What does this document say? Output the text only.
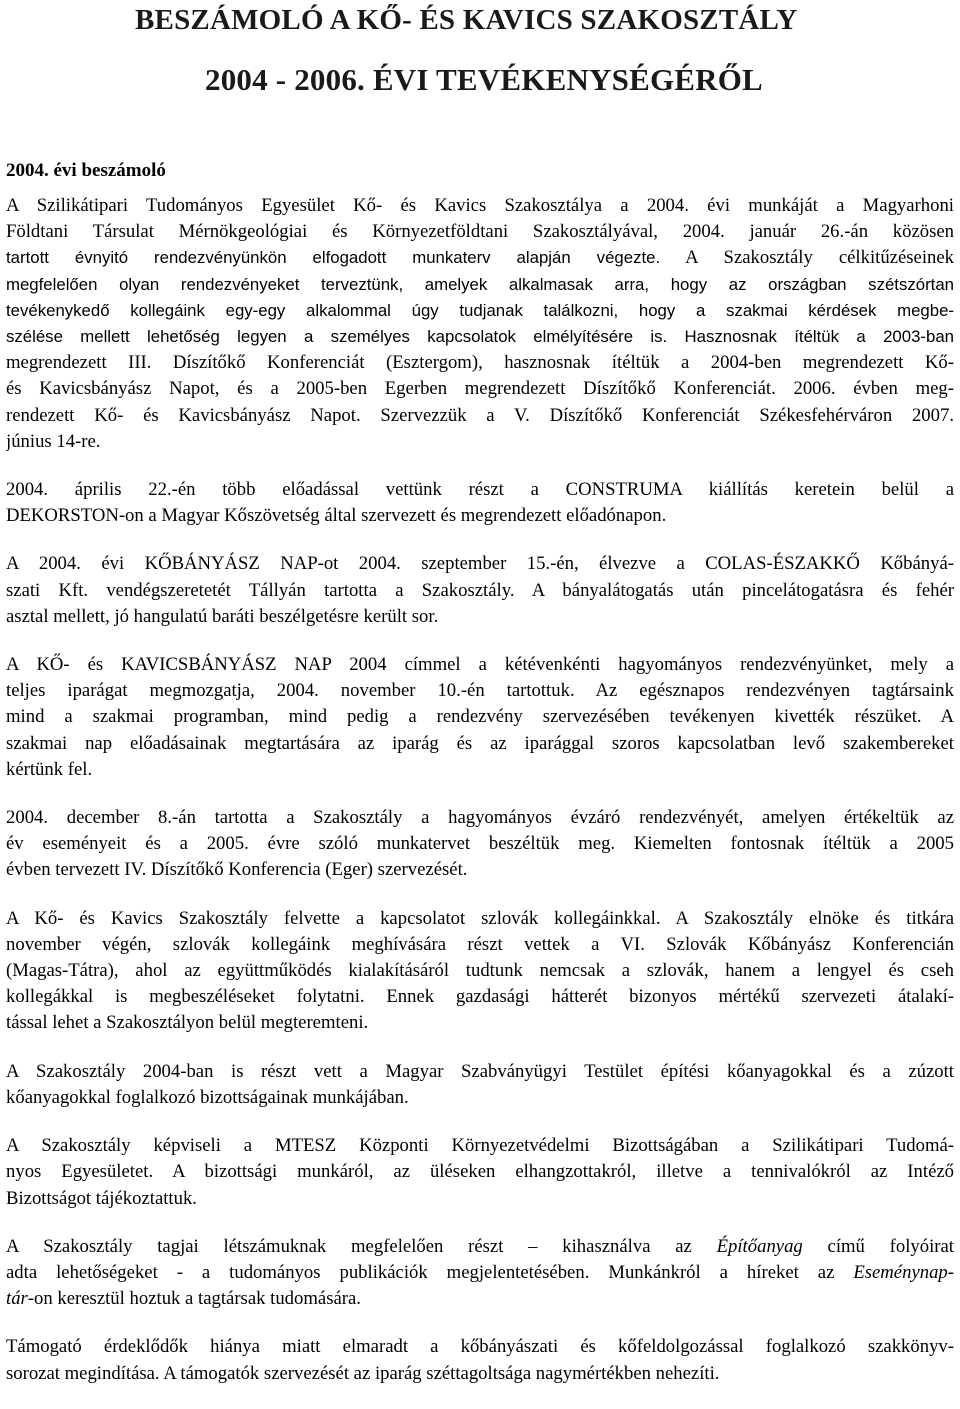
BESZÁMOLÓ A KŐ- ÉS KAVICS SZAKOSZTÁLY
2004 - 2006. ÉVI TEVÉKENYSÉGÉRŐL
2004. évi beszámoló

A Szilikátipari Tudományos Egyesület Kő- és Kavics Szakosztálya a 2004. évi munkáját a Magyarhoni
Földtani Társulat Mérnökgeológiai és Környezetföldtani Szakosztályával, 2004. január 26.-án közösen
tartott évnyitó rendezvényünkön elfogadott munkaterv alapján végezte. A Szakosztály célkitűzéseinek
megfelelően olyan rendezvényeket terveztünk, amelyek alkalmasak arra, hogy az országban szétszórtan
tevékenykedő kollegáink egy-egy alkalommal úgy tudjanak találkozni, hogy a szakmai kérdések megbe-
szélése mellett lehetőség legyen a személyes kapcsolatok elmélyítésére is. Hasznosnak ítéltük a 2003-ban
megrendezett III. Díszítőkő Konferenciát (Esztergom), hasznosnak ítéltük a 2004-ben megrendezett Kő-
és Kavicsbányász Napot, és a 2005-ben Egerben megrendezett Díszítőkő Konferenciát. 2006. évben meg-
rendezett Kő- és Kavicsbányász Napot. Szervezzük a V. Díszítőkő Konferenciát Székesfehérváron 2007.
június 14-re.

2004. április 22.-én több előadással vettünk részt a CONSTRUMA kiállítás keretein belül a
DEKORSTON-on a Magyar Kőszövetség által szervezett és megrendezett előadónapon.

A 2004. évi KŐBÁNYÁSZ NAP-ot 2004. szeptember 15.-én, élvezve a COLAS-ÉSZAKKŐ Kőbányá-
szati Kft. vendégszeretetét Tállyán tartotta a Szakosztály. A bányalátogatás után pincelátogatásra és fehér
asztal mellett, jó hangulatú baráti beszélgetésre került sor.

A KŐ- és KAVICSBÁNYÁSZ NAP 2004 címmel a kétévenkénti hagyományos rendezvényünket, mely a
teljes iparágat megmozgatja, 2004. november 10.-én tartottuk. Az egésznapos rendezvényen tagtársaink
mind a szakmai programban, mind pedig a rendezvény szervezésében tevékenyen kivették részüket. A
szakmai nap előadásainak megtartására az iparág és az iparággal szoros kapcsolatban levő szakembereket
kértünk fel.

2004. december 8.-án tartotta a Szakosztály a hagyományos évzáró rendezvényét, amelyen értékeltük az
év eseményeit és a 2005. évre szóló munkatervet beszéltük meg. Kiemelten fontosnak ítéltük a 2005
évben tervezett IV. Díszítőkő Konferencia (Eger) szervezését.

A Kő- és Kavics Szakosztály felvette a kapcsolatot szlovák kollegáinkkal. A Szakosztály elnöke és titkára
november végén, szlovák kollegáink meghívására részt vettek a VI. Szlovák Kőbányász Konferencián
(Magas-Tátra), ahol az együttműködés kialakításáról tudtunk nemcsak a szlovák, hanem a lengyel és cseh
kollegákkal is megbeszéléseket folytatni. Ennek gazdasági hátterét bizonyos mértékű szervezeti átalakí-
tással lehet a Szakosztályon belül megteremteni.

A Szakosztály 2004-ban is részt vett a Magyar Szabványügyi Testület építési kőanyagokkal és a zúzott
kőanyagokkal foglalkozó bizottságainak munkájában.

A Szakosztály képviseli a MTESZ Központi Környezetvédelmi Bizottságában a Szilikátipari Tudomá-
nyos Egyesületet. A bizottsági munkáról, az üléseken elhangzottakról, illetve a tennivalókról az Intéző
Bizottságot tájékoztattuk.

A Szakosztály tagjai létszámuknak megfelelően részt – kihasználva az Építőanyag című folyóirat
adta lehetőségeket - a tudományos publikációk megjelentetésében. Munkánkról a híreket az Eseménynap-
tár-on keresztül hoztuk a tagtársak tudomására.

Támogató érdeklődők hiánya miatt elmaradt a kőbányászati és kőfeldolgozással foglalkozó szakkönyv-
sorozat megindítása. A támogatók szervezését az iparág széttagoltsága nagymértékben nehezíti.
